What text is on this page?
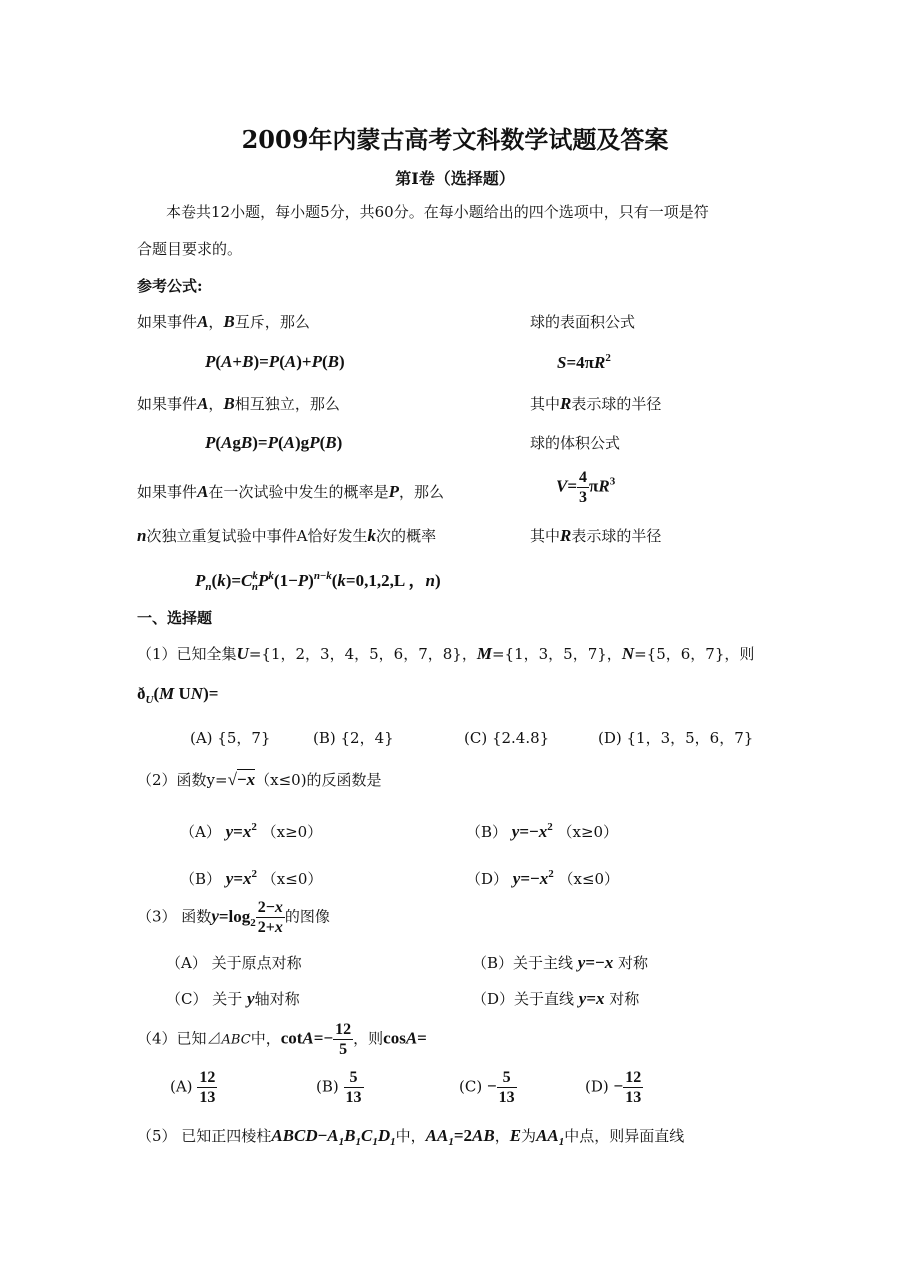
2009年内蒙古高考文科数学试题及答案
第Ⅰ卷（选择题）
本卷共12小题，每小题5分，共60分。在每小题给出的四个选项中，只有一项是符
合题目要求的。
参考公式:
如果事件A，B互斥，那么
P(A+B)=P(A)+P(B)
如果事件A，B相互独立，那么
P(AgB)=P(A)gP(B)
如果事件A在一次试验中发生的概率是P，那么
n次独立重复试验中事件A恰好发生k次的概率
$P_n(k)=C^k_nP^k(1-P)^{n-k}(k=0,1,2,L$ ，n)
球的表面积公式
$S=4\pi R^2$
其中R表示球的半径
球的体积公式
$V= \frac{4}{3} \pi R^3$
其中R表示球的半径
一、选择题
（1）已知全集U={1，2，3，4，5，6，7，8}，M={1，3，5，7}，N={5，6，7}，则
$ð_U(M$ UN)=
(A) {5，7}	(B) {2，4}	(C) {2.4.8}	(D) {1，3，5，6，7}
（2）函数y=√−x（x≤0)的反函数是
（A） $y=x^2$ （x≥0）	（B） $y=-x^2$ （x≥0）
（B） $y=x^2$ （x≤0）	（D） $y=-x^2$ （x≤0）
（3） 函数$y=\log_2 \frac{2-x}{2+x}$ 的图像
（A） 关于原点对称	（B）关于主线 y=−x 对称
（C） 关于 y轴对称	（D）关于直线 y=x 对称
（4）已知⊿ABC中，$\cot A=- \frac{12}{5}$ ，则cosA=
$(A) \frac{12}{13}$	$(B) \frac{5}{13}$	$(C) - \frac{5}{13}$	$(D) - \frac{12}{13}$
（5） 已知正四棱柱$ABCD-A_1B_1C_1D_1$中，$AA_1=2AB$，E为$AA_1$中点，则异面直线
